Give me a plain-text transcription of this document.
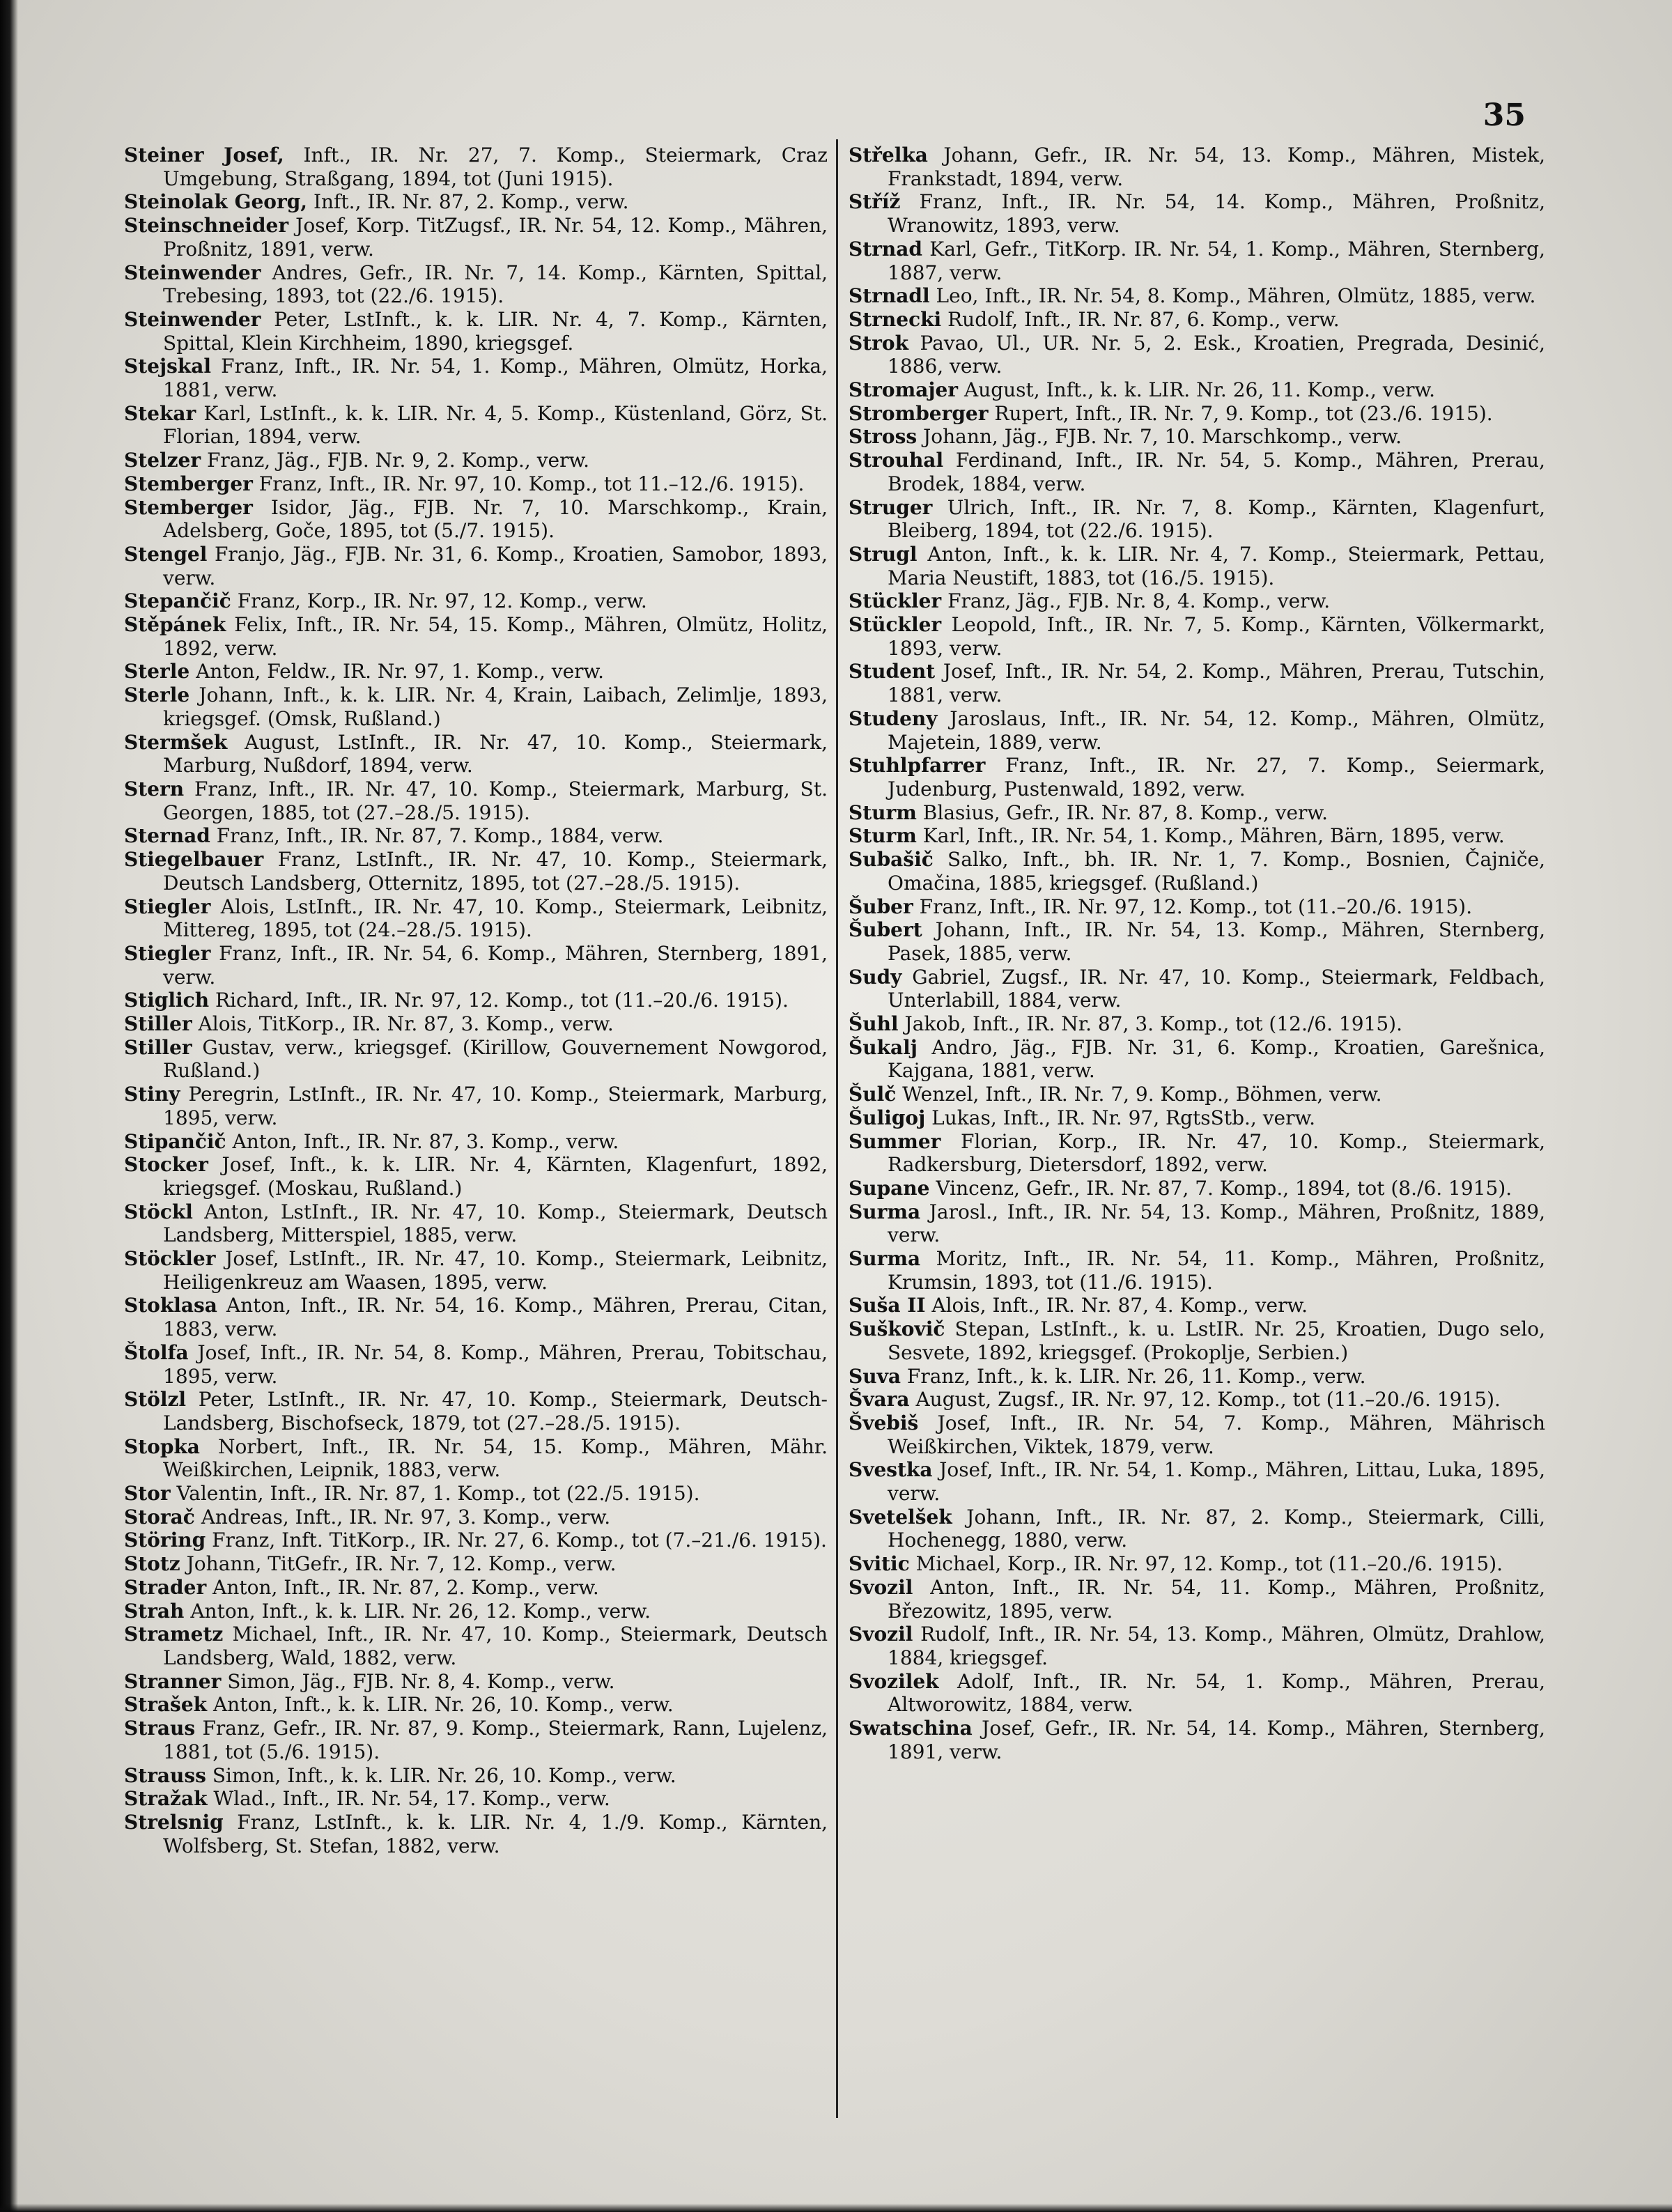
35

Steiner Josef, Inft., IR. Nr. 27, 7. Komp., Steiermark, Craz Umgebung, Straßgang, 1894, tot (Juni 1915).

Steinolak Georg, Inft., IR. Nr. 87, 2. Komp., verw.

Steinschneider Josef, Korp. TitZugsf., IR. Nr. 54, 12. Komp., Mähren, Proßnitz, 1891, verw.

Steinwender Andres, Gefr., IR. Nr. 7, 14. Komp., Kärnten, Spittal, Trebesing, 1893, tot (22./6. 1915).

Steinwender Peter, LstInft., k. k. LIR. Nr. 4, 7. Komp., Kärnten, Spittal, Klein Kirchheim, 1890, kriegsgef.

Stejskal Franz, Inft., IR. Nr. 54, 1. Komp., Mähren, Olmütz, Horka, 1881, verw.

Stekar Karl, LstInft., k. k. LIR. Nr. 4, 5. Komp., Küstenland, Görz, St. Florian, 1894, verw.

Stelzer Franz, Jäg., FJB. Nr. 9, 2. Komp., verw.

Stemberger Franz, Inft., IR. Nr. 97, 10. Komp., tot 11.–12./6. 1915).

Stemberger Isidor, Jäg., FJB. Nr. 7, 10. Marschkomp., Krain, Adelsberg, Goče, 1895, tot (5./7. 1915).

Stengel Franjo, Jäg., FJB. Nr. 31, 6. Komp., Kroatien, Samobor, 1893, verw.

Stepančič Franz, Korp., IR. Nr. 97, 12. Komp., verw.

Stěpánek Felix, Inft., IR. Nr. 54, 15. Komp., Mähren, Olmütz, Holitz, 1892, verw.

Sterle Anton, Feldw., IR. Nr. 97, 1. Komp., verw.

Sterle Johann, Inft., k. k. LIR. Nr. 4, Krain, Laibach, Zelimlje, 1893, kriegsgef. (Omsk, Rußland.)

Stermšek August, LstInft., IR. Nr. 47, 10. Komp., Steiermark, Marburg, Nußdorf, 1894, verw.

Stern Franz, Inft., IR. Nr. 47, 10. Komp., Steiermark, Marburg, St. Georgen, 1885, tot (27.–28./5. 1915).

Sternad Franz, Inft., IR. Nr. 87, 7. Komp., 1884, verw.

Stiegelbauer Franz, LstInft., IR. Nr. 47, 10. Komp., Steiermark, Deutsch Landsberg, Otternitz, 1895, tot (27.–28./5. 1915).

Stiegler Alois, LstInft., IR. Nr. 47, 10. Komp., Steiermark, Leibnitz, Mittereg, 1895, tot (24.–28./5. 1915).

Stiegler Franz, Inft., IR. Nr. 54, 6. Komp., Mähren, Sternberg, 1891, verw.

Stiglich Richard, Inft., IR. Nr. 97, 12. Komp., tot (11.–20./6. 1915).

Stiller Alois, TitKorp., IR. Nr. 87, 3. Komp., verw.

Stiller Gustav, verw., kriegsgef. (Kirillow, Gouvernement Nowgorod, Rußland.)

Stiny Peregrin, LstInft., IR. Nr. 47, 10. Komp., Steiermark, Marburg, 1895, verw.

Stipančič Anton, Inft., IR. Nr. 87, 3. Komp., verw.

Stocker Josef, Inft., k. k. LIR. Nr. 4, Kärnten, Klagenfurt, 1892, kriegsgef. (Moskau, Rußland.)

Stöckl Anton, LstInft., IR. Nr. 47, 10. Komp., Steiermark, Deutsch Landsberg, Mitterspiel, 1885, verw.

Stöckler Josef, LstInft., IR. Nr. 47, 10. Komp., Steiermark, Leibnitz, Heiligenkreuz am Waasen, 1895, verw.

Stoklasa Anton, Inft., IR. Nr. 54, 16. Komp., Mähren, Prerau, Citan, 1883, verw.

Štolfa Josef, Inft., IR. Nr. 54, 8. Komp., Mähren, Prerau, Tobitschau, 1895, verw.

Stölzl Peter, LstInft., IR. Nr. 47, 10. Komp., Steiermark, Deutsch-Landsberg, Bischofseck, 1879, tot (27.–28./5. 1915).

Stopka Norbert, Inft., IR. Nr. 54, 15. Komp., Mähren, Mähr. Weißkirchen, Leipnik, 1883, verw.

Stor Valentin, Inft., IR. Nr. 87, 1. Komp., tot (22./5. 1915).

Storač Andreas, Inft., IR. Nr. 97, 3. Komp., verw.

Störing Franz, Inft. TitKorp., IR. Nr. 27, 6. Komp., tot (7.–21./6. 1915).

Stotz Johann, TitGefr., IR. Nr. 7, 12. Komp., verw.

Strader Anton, Inft., IR. Nr. 87, 2. Komp., verw.

Strah Anton, Inft., k. k. LIR. Nr. 26, 12. Komp., verw.

Strametz Michael, Inft., IR. Nr. 47, 10. Komp., Steiermark, Deutsch Landsberg, Wald, 1882, verw.

Stranner Simon, Jäg., FJB. Nr. 8, 4. Komp., verw.

Strašek Anton, Inft., k. k. LIR. Nr. 26, 10. Komp., verw.

Straus Franz, Gefr., IR. Nr. 87, 9. Komp., Steiermark, Rann, Lujelenz, 1881, tot (5./6. 1915).

Strauss Simon, Inft., k. k. LIR. Nr. 26, 10. Komp., verw.

Stražak Wlad., Inft., IR. Nr. 54, 17. Komp., verw.

Strelsnig Franz, LstInft., k. k. LIR. Nr. 4, 1./9. Komp., Kärnten, Wolfsberg, St. Stefan, 1882, verw.

Střelka Johann, Gefr., IR. Nr. 54, 13. Komp., Mähren, Mistek, Frankstadt, 1894, verw.

Stříž Franz, Inft., IR. Nr. 54, 14. Komp., Mähren, Proßnitz, Wranowitz, 1893, verw.

Strnad Karl, Gefr., TitKorp. IR. Nr. 54, 1. Komp., Mähren, Sternberg, 1887, verw.

Strnadl Leo, Inft., IR. Nr. 54, 8. Komp., Mähren, Olmütz, 1885, verw.

Strnecki Rudolf, Inft., IR. Nr. 87, 6. Komp., verw.

Strok Pavao, Ul., UR. Nr. 5, 2. Esk., Kroatien, Pregrada, Desinić, 1886, verw.

Stromajer August, Inft., k. k. LIR. Nr. 26, 11. Komp., verw.

Stromberger Rupert, Inft., IR. Nr. 7, 9. Komp., tot (23./6. 1915).

Stross Johann, Jäg., FJB. Nr. 7, 10. Marschkomp., verw.

Strouhal Ferdinand, Inft., IR. Nr. 54, 5. Komp., Mähren, Prerau, Brodek, 1884, verw.

Struger Ulrich, Inft., IR. Nr. 7, 8. Komp., Kärnten, Klagenfurt, Bleiberg, 1894, tot (22./6. 1915).

Strugl Anton, Inft., k. k. LIR. Nr. 4, 7. Komp., Steiermark, Pettau, Maria Neustift, 1883, tot (16./5. 1915).

Stückler Franz, Jäg., FJB. Nr. 8, 4. Komp., verw.

Stückler Leopold, Inft., IR. Nr. 7, 5. Komp., Kärnten, Völkermarkt, 1893, verw.

Student Josef, Inft., IR. Nr. 54, 2. Komp., Mähren, Prerau, Tutschin, 1881, verw.

Studeny Jaroslaus, Inft., IR. Nr. 54, 12. Komp., Mähren, Olmütz, Majetein, 1889, verw.

Stuhlpfarrer Franz, Inft., IR. Nr. 27, 7. Komp., Seiermark, Judenburg, Pustenwald, 1892, verw.

Sturm Blasius, Gefr., IR. Nr. 87, 8. Komp., verw.

Sturm Karl, Inft., IR. Nr. 54, 1. Komp., Mähren, Bärn, 1895, verw.

Subašič Salko, Inft., bh. IR. Nr. 1, 7. Komp., Bosnien, Čajniče, Omačina, 1885, kriegsgef. (Rußland.)

Šuber Franz, Inft., IR. Nr. 97, 12. Komp., tot (11.–20./6. 1915).

Šubert Johann, Inft., IR. Nr. 54, 13. Komp., Mähren, Sternberg, Pasek, 1885, verw.

Sudy Gabriel, Zugsf., IR. Nr. 47, 10. Komp., Steiermark, Feldbach, Unterlabill, 1884, verw.

Šuhl Jakob, Inft., IR. Nr. 87, 3. Komp., tot (12./6. 1915).

Šukalj Andro, Jäg., FJB. Nr. 31, 6. Komp., Kroatien, Garešnica, Kajgana, 1881, verw.

Šulč Wenzel, Inft., IR. Nr. 7, 9. Komp., Böhmen, verw.

Šuligoj Lukas, Inft., IR. Nr. 97, RgtsStb., verw.

Summer Florian, Korp., IR. Nr. 47, 10. Komp., Steiermark, Radkersburg, Dietersdorf, 1892, verw.

Supane Vincenz, Gefr., IR. Nr. 87, 7. Komp., 1894, tot (8./6. 1915).

Surma Jarosl., Inft., IR. Nr. 54, 13. Komp., Mähren, Proßnitz, 1889, verw.

Surma Moritz, Inft., IR. Nr. 54, 11. Komp., Mähren, Proßnitz, Krumsin, 1893, tot (11./6. 1915).

Suša II Alois, Inft., IR. Nr. 87, 4. Komp., verw.

Suškovič Stepan, LstInft., k. u. LstIR. Nr. 25, Kroatien, Dugo selo, Sesvete, 1892, kriegsgef. (Prokoplje, Serbien.)

Suva Franz, Inft., k. k. LIR. Nr. 26, 11. Komp., verw.

Švara August, Zugsf., IR. Nr. 97, 12. Komp., tot (11.–20./6. 1915).

Švebiš Josef, Inft., IR. Nr. 54, 7. Komp., Mähren, Mährisch Weißkirchen, Viktek, 1879, verw.

Svestka Josef, Inft., IR. Nr. 54, 1. Komp., Mähren, Littau, Luka, 1895, verw.

Svetelšek Johann, Inft., IR. Nr. 87, 2. Komp., Steiermark, Cilli, Hochenegg, 1880, verw.

Svitic Michael, Korp., IR. Nr. 97, 12. Komp., tot (11.–20./6. 1915).

Svozil Anton, Inft., IR. Nr. 54, 11. Komp., Mähren, Proßnitz, Březowitz, 1895, verw.

Svozil Rudolf, Inft., IR. Nr. 54, 13. Komp., Mähren, Olmütz, Drahlow, 1884, kriegsgef.

Svozilek Adolf, Inft., IR. Nr. 54, 1. Komp., Mähren, Prerau, Altworowitz, 1884, verw.

Swatschina Josef, Gefr., IR. Nr. 54, 14. Komp., Mähren, Sternberg, 1891, verw.
